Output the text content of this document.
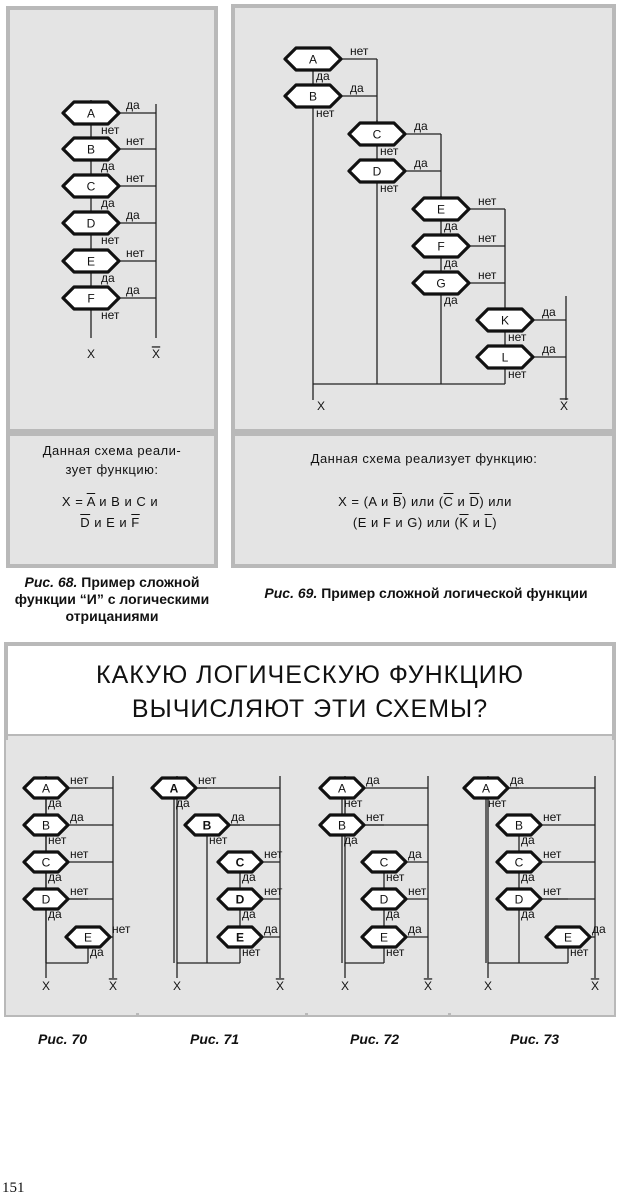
A
да
нет
B
нет
да
C
нет
да
D
да
нет
E
нет
да
F
да
нет
X	X
Данная схема реали-
зует функцию:
$X = \overline{A}$ и B и C и
$\overline{D}$ и E и $\overline{F}$
Рис. 68. Пример сложной функции “И” с логическими отрицаниями
A
нет
да
B
да
нет
C
да
нет
D
да
нет
E
нет
да
F
нет
да
G
нет
да
K
да
нет
L
да
нет
X	X
Данная схема реализует функцию:
X = (A и $\overline{B}$) или ($\overline{C}$ и $\overline{D}$) или
(E и F и G) или ($\overline{K}$ и $\overline{L}$)
Рис. 69. Пример сложной логической функции
КАКУЮ ЛОГИЧЕСКУЮ ФУНКЦИЮ
ВЫЧИСЛЯЮТ ЭТИ СХЕМЫ?
A
нет
да
B
да
нет
C
нет
да
D
нет
да
E
нет
да
X	X
A
нет
да
B
да
нет
C
нет
да
D
нет
да
E
да
нет
X	X
A
да
нет
B
нет
да
C
да
нет
D
нет
да
E
да
нет
X	X
A
да
нет
B
нет
да
C
нет
да
D
нет
да
E
да
нет
X	X
Рис. 70	Рис. 71	Рис. 72	Рис. 73
151
